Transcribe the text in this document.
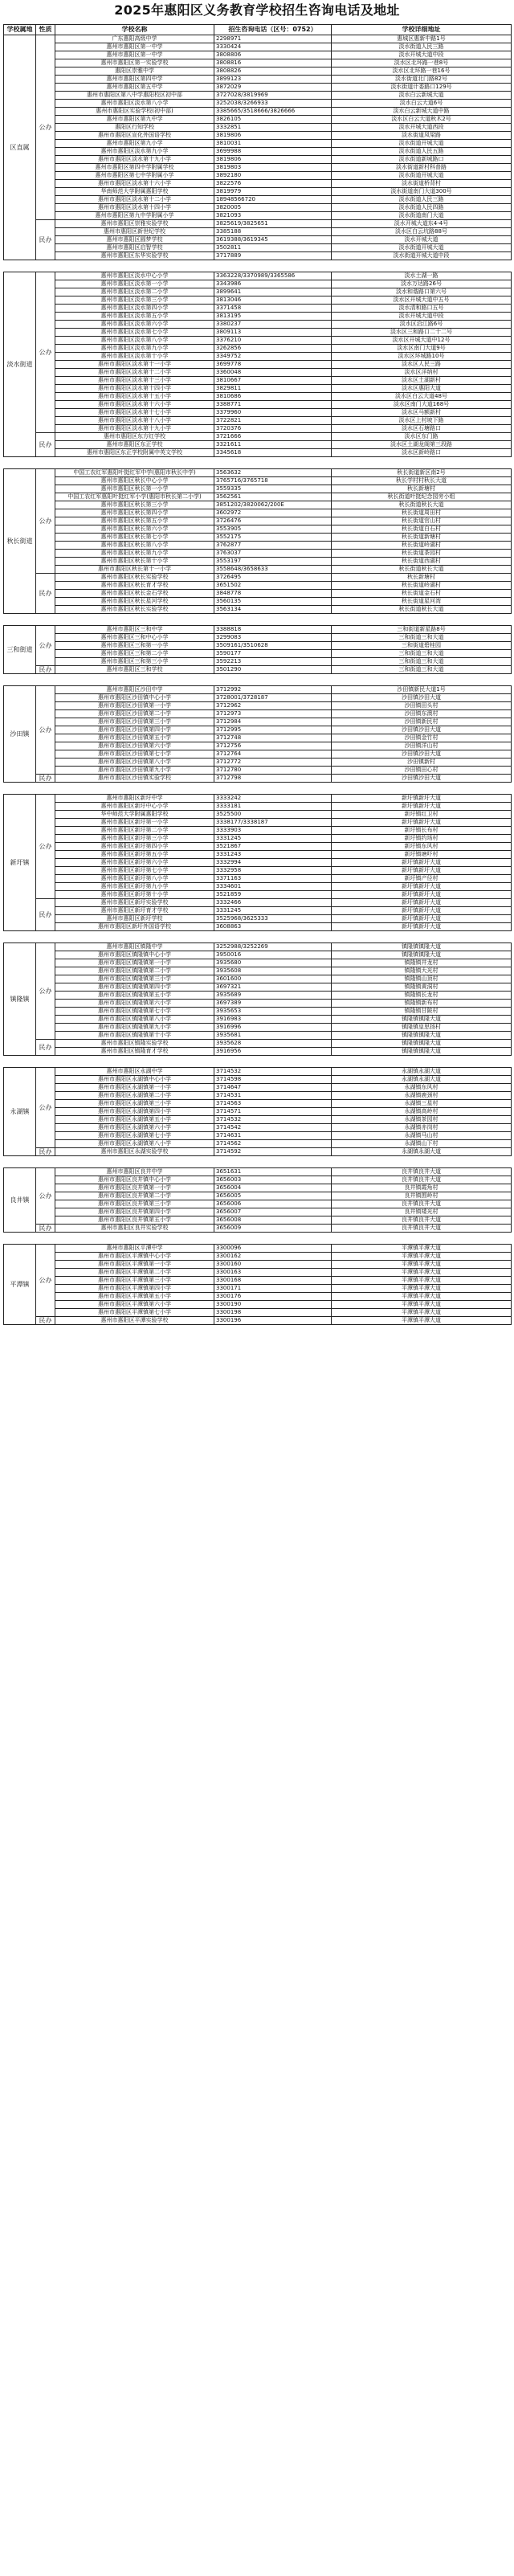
2025年惠阳区义务教育学校招生咨询电话及地址
学校属地	性质	学校名称	招生咨询电话（区号：0752）	学校详细地址
区直属	公办	广东惠阳高级中学	2298971	惠城区惠新中路1号
		惠州市惠阳区第一中学	3330424	淡水街道人民三路
		惠州市惠阳区第一中学	3808806	淡水开城大道中段
		惠州市惠阳区第一实验学校	3808816	淡水区北环路一巷8号
		惠阳区崇雅中学	3808826	淡水区北环路一巷16号
		惠州市惠阳区第四中学	3899123	淡水街道北门路82号
		惠州市惠阳区第五中学	3872029	淡水街道计委路口129号
		惠州市惠阳区第八中学惠阳校区初中部	3727028/3819969	淡水白云新城大道
		惠州市惠阳区淡水第八小学	3252038/3266933	淡水白云大道6号
		惠州市惠阳区实验学校(初中部)	3385665/3518666/3826666	淡水白云新城大道中路
		惠州市惠阳区第九中学	3826105	淡水区白云大道秋木2号
		惠阳区行知学校	3332851	淡水开城大道西段
		惠州市惠阳区宣化外国语学校	3819806	淡水街道凤梁路
		惠州市惠阳区第九小学	3810031	淡水街道开城大道
		惠州市惠阳区淡水第九小学	3699988	淡水街道人民五路
		惠州市惠阳区淡水第十九小学	3819806	淡水街道新城路口
		惠州市惠阳区第四中学附属学校	3819803	淡水街道新村科普路
		惠州市惠阳区第七中学附属小学	3892180	淡水街道开城大道
		惠州市惠阳区淡水第十六小学	3822576	淡水街道桥背村
		华南师范大学附属惠阳学校	3819979	淡水街道南门大道300号
		惠州市惠阳区淡水第十二小学	18948566720	淡水街道人民三路
		惠州市惠阳区淡水第十四小学	3820005	淡水街道人民四路
		惠州市惠阳区第九中学附属小学	3821093	淡水街道南门大道
	民办	惠州市惠阳区崇雅实验学校	3825619/3825651	淡水开城大道东4-4号
		惠州市惠阳区新世纪学校	3385188	淡水区白云坑路88号
		惠州市惠阳区圆梦学校	3619388/3619345	淡水开城大道
		惠州市惠阳区启智学校	3502811	淡水街道开城大道
		惠州市惠阳区东华实验学校	3717889	淡水街道开城大道中段

淡水街道	公办	惠州市惠阳区淡水中心小学	3363228/3370989/3365586	淡水土湖一路
		惠州市惠阳区淡水第一小学	3343986	淡水万达路26号
		惠州市惠阳区淡水第二小学	3899641	淡水和谐路口第六号
		惠州市惠阳区淡水第三小学	3813046	淡水区开城大道中五号
		惠州市惠阳区淡水第四小学	3371458	淡水清和路口五号
		惠州市惠阳区淡水第五小学	3813195	淡水开城大道中段
		惠州市惠阳区淡水第六小学	3380237	淡水区沿江路6号
		惠州市惠阳区淡水第七小学	3809113	淡水区三和路口二十二号
		惠州市惠阳区淡水第八小学	3376210	淡水区开城大道中12号
		惠州市惠阳区淡水第九小学	3262856	淡水区南门大道9号
		惠州市惠阳区淡水第十小学	3349752	淡水区环城路10号
		惠州市惠阳区淡水第十一小学	3699778	淡水区人民三路
		惠州市惠阳区淡水第十二小学	3360048	淡水区洋纳村
		惠州市惠阳区淡水第十三小学	3810667	淡水区土湖新村
		惠州市惠阳区淡水第十四小学	3829811	淡水区惠阳大道
		惠州市惠阳区淡水第十五小学	3810686	淡水区白云大道48号
		惠州市惠阳区淡水第十六小学	3388771	淡水区南门大道168号
		惠州市惠阳区淡水第十七小学	3379960	淡水区马额新村
		惠州市惠阳区淡水第十八小学	3722821	淡水区上村坡下路
		惠州市惠阳区淡水第十九小学	3720376	淡水区石塘路口
	民办	惠州市惠阳区东方红学校	3721666	淡水区东门路
		惠州市惠阳区东正学校	3321611	淡水区土湖龙阁第三段路
		惠州市惠阳区东正学校附属中英文学校	3345618	淡水区新岭路口

秋长街道	公办	中国工农红军惠阳叶挺红军中学(惠阳市秋长中学)	3563632	秋长街道新区南2号
		惠州市惠阳区秋长中心小学	3765716/3765718	秋长学村村秋长大道
		惠州市惠阳区秋长第一小学	3559335	秋长新塘村
		中国工农红军惠阳叶挺红军小学(惠阳市秋长第二小学)	3562561	秋长街道叶挺纪念园旁小组
		惠州市惠阳区秋长第三小学	3851202/3820062/200E	秋长街道秋长大道
		惠州市惠阳区秋长第四小学	3602972	秋长街道周田村
		惠州市惠阳区秋长第五小学	3726476	秋长街道官山村
		惠州市惠阳区秋长第六小学	3553905	秋长街道白石村
		惠州市惠阳区秋长第七小学	3552175	秋长街道新塘村
		惠州市惠阳区秋长第八小学	3762877	秋长街道岭湖村
		惠州市惠阳区秋长第九小学	3763037	秋长街道茶园村
		惠州市惠阳区秋长第十小学	3553197	秋长街道西湖村
		惠州市惠阳区秋长第十一小学	3558648/3658633	秋长街道秋长大道
	民办	惠州市惠阳区秋长实验学校	3726495	秋长新塘村
		惠州市惠阳区秋长育才学校	3651502	秋长街道岭湖村
		惠州市惠阳区秋长金石学校	3848778	秋长街道金石村
		惠州市惠阳区秋长星河学校	3560135	秋长街道星河湾
		惠州市惠阳区秋长实验学校	3563134	秋长街道秋长大道

三和街道	公办	惠州市惠阳区三和中学	3388818	三和街道新星路8号
		惠州市惠阳区三和中心小学	3299083	三和街道三和大道
		惠州市惠阳区三和第一小学	3509161/3510628	三和街道碧桂园
		惠州市惠阳区三和第二小学	3590177	三和街道三和大道
		惠州市惠阳区三和第三小学	3592213	三和街道三和大道
	民办	惠州市惠阳区三和学校	3501290	三和街道三和大道

沙田镇	公办	惠州市惠阳区沙田中学	3712992	沙田镇新民大道1号
		惠州市惠阳区沙田镇中心小学	3728001/3728187	沙田镇沙田大道
		惠州市惠阳区沙田镇第一小学	3712962	沙田镇田头村
		惠州市惠阳区沙田镇第二小学	3712973	沙田镇东澳村
		惠州市惠阳区沙田镇第三小学	3712984	沙田镇新民村
		惠州市惠阳区沙田镇第四小学	3712995	沙田镇沙田大道
		惠州市惠阳区沙田镇第五小学	3712748	沙田镇金竹村
		惠州市惠阳区沙田镇第六小学	3712756	沙田镇洋山村
		惠州市惠阳区沙田镇第七小学	3712764	沙田镇沙田大道
		惠州市惠阳区沙田镇第八小学	3712772	沙田镇新村
		惠州市惠阳区沙田镇第九小学	3712780	沙田镇田心村
	民办	惠州市惠阳区沙田镇实验学校	3712798	沙田镇沙田大道

新圩镇	公办	惠州市惠阳区新圩中学	3333242	新圩镇新圩大道
		惠州市惠阳区新圩中心小学	3333181	新圩镇新圩大道
		华中师范大学附属惠阳学校	3525500	新圩镇红卫村
		惠州市惠阳区新圩第一小学	3338177/3338187	新圩镇新圩大道
		惠州市惠阳区新圩第二小学	3333903	新圩镇长布村
		惠州市惠阳区新圩第三小学	3331245	新圩镇约场村
		惠州市惠阳区新圩第四小学	3521867	新圩镇东风村
		惠州市惠阳区新圩第五小学	3331243	新圩镇塘吓村
		惠州市惠阳区新圩第六小学	3332994	新圩镇新圩大道
		惠州市惠阳区新圩第七小学	3332958	新圩镇新圩大道
		惠州市惠阳区新圩第八小学	3371163	新圩镇产径村
		惠州市惠阳区新圩第九小学	3334601	新圩镇新圩大道
		惠州市惠阳区新圩第十小学	3521859	新圩镇新圩大道
	民办	惠州市惠阳区新圩实验学校	3332466	新圩镇新圩大道
		惠州市惠阳区新圩育才学校	3331245	新圩镇新圩大道
		惠州市惠阳区新圩学校	3525968/3625333	新圩镇新圩大道
		惠州市惠阳区新圩外国语学校	3608863	新圩镇新圩大道

镇隆镇	公办	惠州市惠阳区镇隆中学	3252988/3252269	镇隆镇镇隆大道
		惠州市惠阳区镇隆镇中心小学	3950016	镇隆镇镇隆大道
		惠州市惠阳区镇隆镇第一小学	3935680	镇隆镇井龙村
		惠州市惠阳区镇隆镇第二小学	3935608	镇隆镇大光村
		惠州市惠阳区镇隆镇第三小学	3601600	镇隆镇山顶村
		惠州市惠阳区镇隆镇第四小学	3697321	镇隆镇黄洞村
		惠州市惠阳区镇隆镇第五小学	3935689	镇隆镇长龙村
		惠州市惠阳区镇隆镇第六小学	3697389	镇隆镇新布村
		惠州市惠阳区镇隆镇第七小学	3935653	镇隆镇甘陂村
		惠州市惠阳区镇隆镇第八小学	3916983	镇隆镇镇隆大道
		惠州市惠阳区镇隆镇第九小学	3916996	镇隆镇皇思扬村
		惠州市惠阳区镇隆镇第十小学	3935681	镇隆镇镇隆大道
	民办	惠州市惠阳区镇隆实验学校	3935628	镇隆镇镇隆大道
		惠州市惠阳区镇隆育才学校	3916956	镇隆镇镇隆大道

永湖镇	公办	惠州市惠阳区永湖中学	3714532	永湖镇永湖大道
		惠州市惠阳区永湖镇中心小学	3714598	永湖镇永湖大道
		惠州市惠阳区永湖镇第一小学	3714647	永湖镇东风村
		惠州市惠阳区永湖镇第二小学	3714531	永湖镇鹿颈村
		惠州市惠阳区永湖镇第三小学	3714563	永湖镇三星村
		惠州市惠阳区永湖镇第四小学	3714571	永湖镇高岭村
		惠州市惠阳区永湖镇第五小学	3714532	永湖镇茶园村
		惠州市惠阳区永湖镇第六小学	3714542	永湖镇赤岗村
		惠州市惠阳区永湖镇第七小学	3714631	永湖镇马山村
		惠州市惠阳区永湖镇第八小学	3714562	永湖镇山下村
	民办	惠州市惠阳区永湖实验学校	3714592	永湖镇永湖大道

良井镇	公办	惠州市惠阳区良井中学	3651631	良井镇良井大道
		惠州市惠阳区良井镇中心小学	3656003	良井镇良井大道
		惠州市惠阳区良井镇第一小学	3656004	良井镇霞角村
		惠州市惠阳区良井镇第二小学	3656005	良井镇围岭村
		惠州市惠阳区良井镇第三小学	3656006	良井镇良井大道
		惠州市惠阳区良井镇第四小学	3656007	良井镇矮光村
		惠州市惠阳区良井镇第五小学	3656008	良井镇良井大道
	民办	惠州市惠阳区良井实验学校	3656009	良井镇良井大道

平潭镇	公办	惠州市惠阳区平潭中学	3300096	平潭镇平潭大道
		惠州市惠阳区平潭镇中心小学	3300162	平潭镇平潭大道
		惠州市惠阳区平潭镇第一小学	3300160	平潭镇平潭大道
		惠州市惠阳区平潭镇第二小学	3300163	平潭镇平潭大道
		惠州市惠阳区平潭镇第三小学	3300168	平潭镇平潭大道
		惠州市惠阳区平潭镇第四小学	3300171	平潭镇平潭大道
		惠州市惠阳区平潭镇第五小学	3300176	平潭镇平潭大道
		惠州市惠阳区平潭镇第六小学	3300190	平潭镇平潭大道
		惠州市惠阳区平潭镇第七小学	3300198	平潭镇平潭大道
	民办	惠州市惠阳区平潭实验学校	3300196	平潭镇平潭大道
